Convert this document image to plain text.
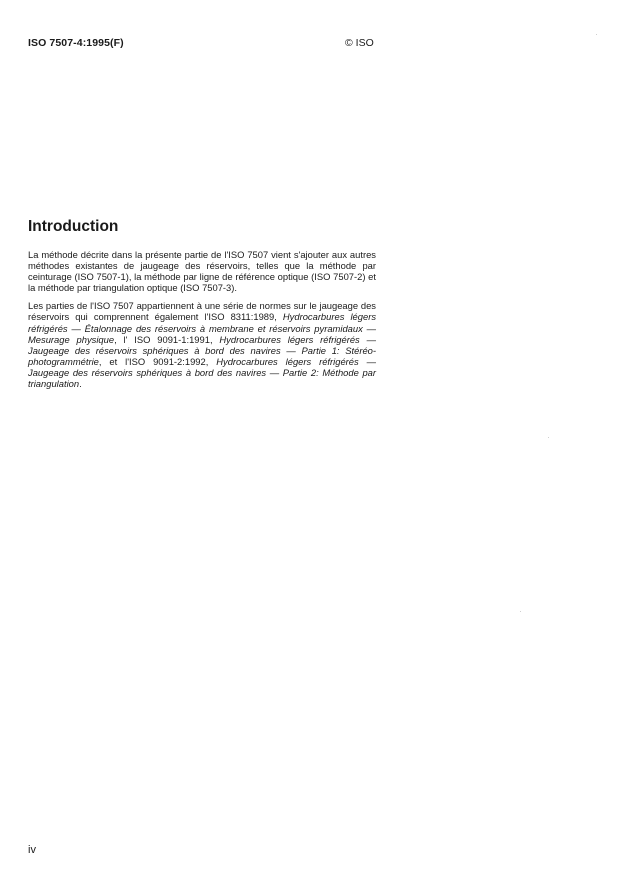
ISO 7507-4:1995(F)	© ISO
Introduction

La méthode décrite dans la présente partie de l'ISO 7507 vient s'ajouter aux autres méthodes existantes de jaugeage des réservoirs, telles que la méthode par ceinturage (ISO 7507-1), la méthode par ligne de référence optique (ISO 7507-2) et la méthode par triangulation optique (ISO 7507-3).

Les parties de l'ISO 7507 appartiennent à une série de normes sur le jaugeage des réservoirs qui comprennent également l'ISO 8311:1989, Hydrocarbures légers réfrigérés — Étalonnage des réservoirs à membrane et réservoirs pyramidaux — Mesurage physique, l' ISO 9091-1:1991, Hydrocarbures légers réfrigérés — Jaugeage des réservoirs sphériques à bord des navires — Partie 1: Stéréo-photogrammétrie, et l'ISO 9091-2:1992, Hydrocarbures légers réfrigérés — Jaugeage des réservoirs sphériques à bord des navires — Partie 2: Méthode par triangulation.

iv
